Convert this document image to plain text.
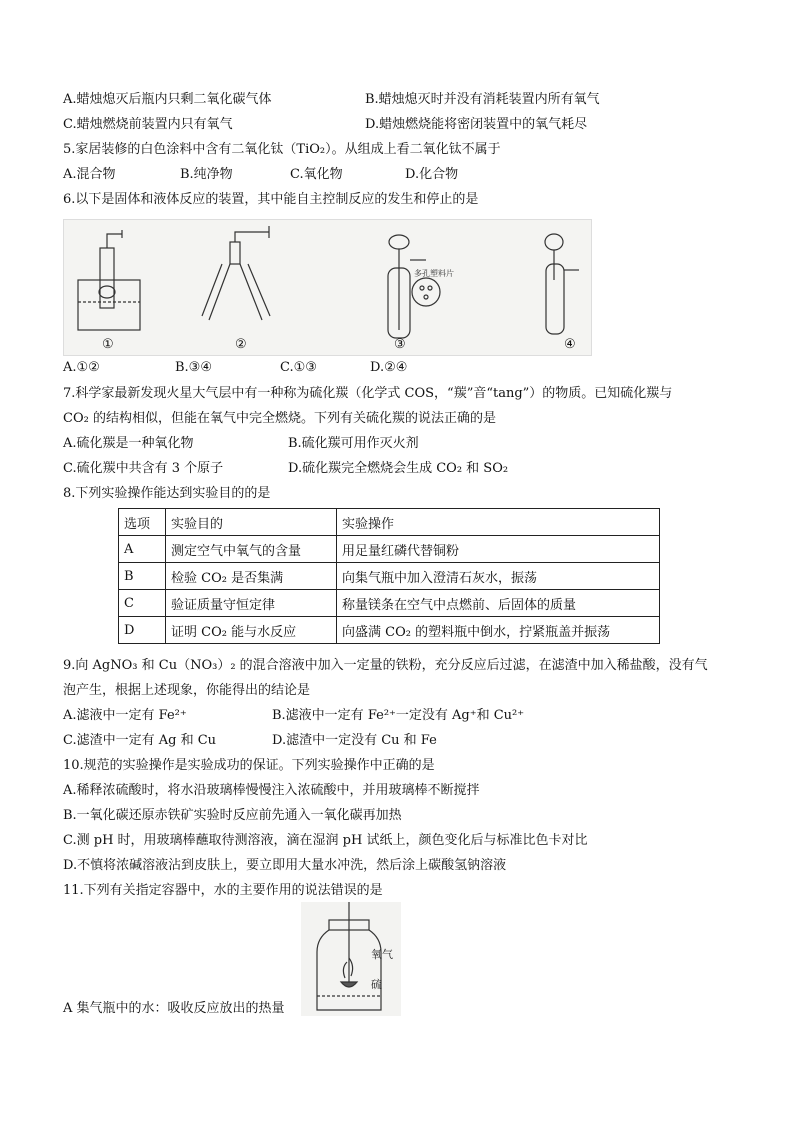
A.蜡烛熄灭后瓶内只剩二氧化碳气体	B.蜡烛熄灭时并没有消耗装置内所有氧气
C.蜡烛燃烧前装置内只有氧气	D.蜡烛燃烧能将密闭装置中的氧气耗尽
5.家居装修的白色涂料中含有二氧化钛（TiO₂）。从组成上看二氧化钛不属于
A.混合物	B.纯净物	C.氧化物	D.化合物
6.以下是固体和液体反应的装置，其中能自主控制反应的发生和停止的是
多孔塑料片
①	②	③	④
A.①②	B.③④	C.①③	D.②④
7.科学家最新发现火星大气层中有一种称为硫化羰（化学式 COS，“羰”音“tang”）的物质。已知硫化羰与
CO₂ 的结构相似，但能在氧气中完全燃烧。下列有关硫化羰的说法正确的是
A.硫化羰是一种氧化物	B.硫化羰可用作灭火剂
C.硫化羰中共含有 3 个原子	D.硫化羰完全燃烧会生成 CO₂ 和 SO₂
8.下列实验操作能达到实验目的的是
选项	实验目的	实验操作
A	测定空气中氧气的含量	用足量红磷代替铜粉
B	检验 CO₂ 是否集满	向集气瓶中加入澄清石灰水，振荡
C	验证质量守恒定律	称量镁条在空气中点燃前、后固体的质量
D	证明 CO₂ 能与水反应	向盛满 CO₂ 的塑料瓶中倒水，拧紧瓶盖并振荡
9.向 AgNO₃ 和 Cu（NO₃）₂ 的混合溶液中加入一定量的铁粉，充分反应后过滤，在滤渣中加入稀盐酸，没有气
泡产生，根据上述现象，你能得出的结论是
A.滤液中一定有 Fe²⁺	B.滤液中一定有 Fe²⁺一定没有 Ag⁺和 Cu²⁺
C.滤渣中一定有 Ag 和 Cu	D.滤渣中一定没有 Cu 和 Fe
10.规范的实验操作是实验成功的保证。下列实验操作中正确的是
A.稀释浓硫酸时，将水沿玻璃棒慢慢注入浓硫酸中，并用玻璃棒不断搅拌
B.一氧化碳还原赤铁矿实验时反应前先通入一氧化碳再加热
C.测 pH 时，用玻璃棒蘸取待测溶液，滴在湿润 pH 试纸上，颜色变化后与标准比色卡对比
D.不慎将浓碱溶液沾到皮肤上，要立即用大量水冲洗，然后涂上碳酸氢钠溶液
11.下列有关指定容器中，水的主要作用的说法错误的是
氧气
硫
A 集气瓶中的水：吸收反应放出的热量
